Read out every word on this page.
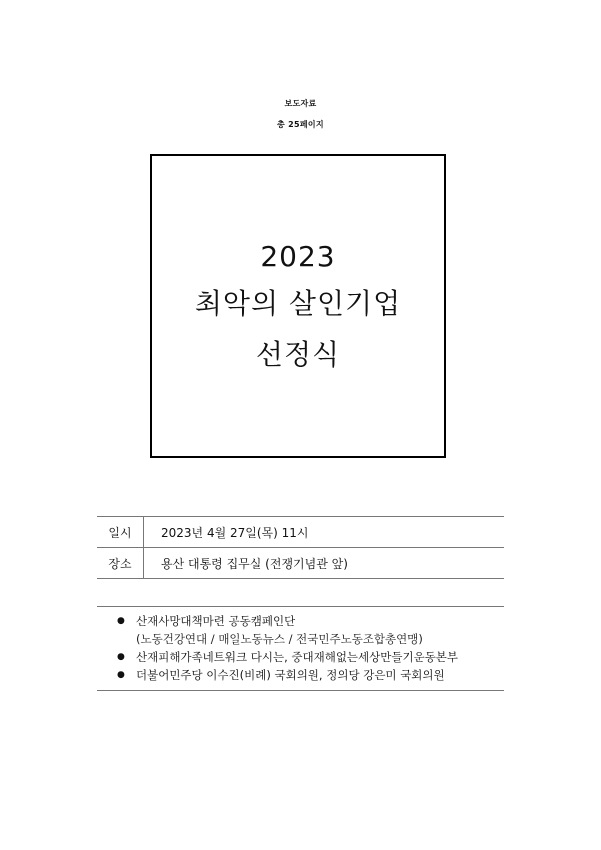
보도자료
총 25페이지
2023
최악의 살인기업
선정식
일시	2023년 4월 27일(목) 11시
장소	용산 대통령 집무실 (전쟁기념관 앞)
● 산재사망대책마련 공동캠페인단
(노동건강연대 / 매일노동뉴스 / 전국민주노동조합총연맹)
● 산재피해가족네트워크 다시는, 중대재해없는세상만들기운동본부
● 더불어민주당 이수진(비례) 국회의원, 정의당 강은미 국회의원
